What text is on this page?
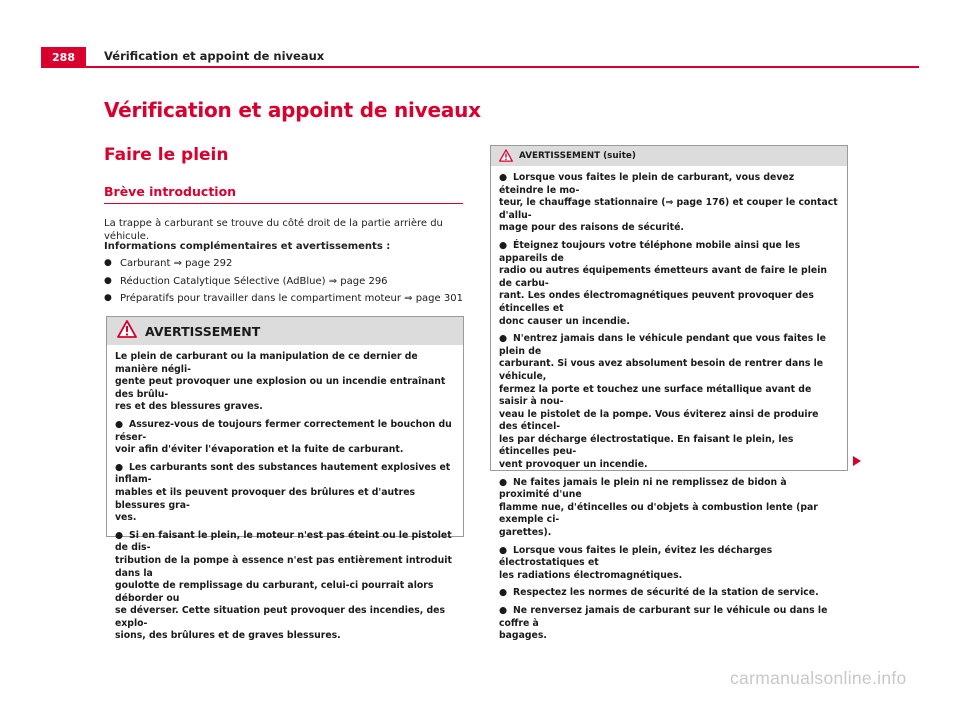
288	Vérification et appoint de niveaux
Vérification et appoint de niveaux
Faire le plein
Brève introduction
La trappe à carburant se trouve du côté droit de la partie arrière du véhicule.
Informations complémentaires et avertissements :
● Carburant ⇒ page 292
● Réduction Catalytique Sélective (AdBlue) ⇒ page 296
● Préparatifs pour travailler dans le compartiment moteur ⇒ page 301
AVERTISSEMENT

Le plein de carburant ou la manipulation de ce dernier de manière négli-
gente peut provoquer une explosion ou un incendie entraînant des brûlu-
res et des blessures graves.

● Assurez-vous de toujours fermer correctement le bouchon du réser-
voir afin d'éviter l'évaporation et la fuite de carburant.

● Les carburants sont des substances hautement explosives et inflam-
mables et ils peuvent provoquer des brûlures et d'autres blessures gra-
ves.

● Si en faisant le plein, le moteur n'est pas éteint ou le pistolet de dis-
tribution de la pompe à essence n'est pas entièrement introduit dans la
goulotte de remplissage du carburant, celui-ci pourrait alors déborder ou
se déverser. Cette situation peut provoquer des incendies, des explo-
sions, des brûlures et de graves blessures.

AVERTISSEMENT (suite)

● Lorsque vous faites le plein de carburant, vous devez éteindre le mo-
teur, le chauffage stationnaire (⇒ page 176) et couper le contact d'allu-
mage pour des raisons de sécurité.

● Éteignez toujours votre téléphone mobile ainsi que les appareils de
radio ou autres équipements émetteurs avant de faire le plein de carbu-
rant. Les ondes électromagnétiques peuvent provoquer des étincelles et
donc causer un incendie.

● N'entrez jamais dans le véhicule pendant que vous faites le plein de
carburant. Si vous avez absolument besoin de rentrer dans le véhicule,
fermez la porte et touchez une surface métallique avant de saisir à nou-
veau le pistolet de la pompe. Vous éviterez ainsi de produire des étincel-
les par décharge électrostatique. En faisant le plein, les étincelles peu-
vent provoquer un incendie.

● Ne faites jamais le plein ni ne remplissez de bidon à proximité d'une
flamme nue, d'étincelles ou d'objets à combustion lente (par exemple ci-
garettes).

● Lorsque vous faites le plein, évitez les décharges électrostatiques et
les radiations électromagnétiques.

● Respectez les normes de sécurité de la station de service.

● Ne renversez jamais de carburant sur le véhicule ou dans le coffre à
bagages.

carmanualsonline.info
